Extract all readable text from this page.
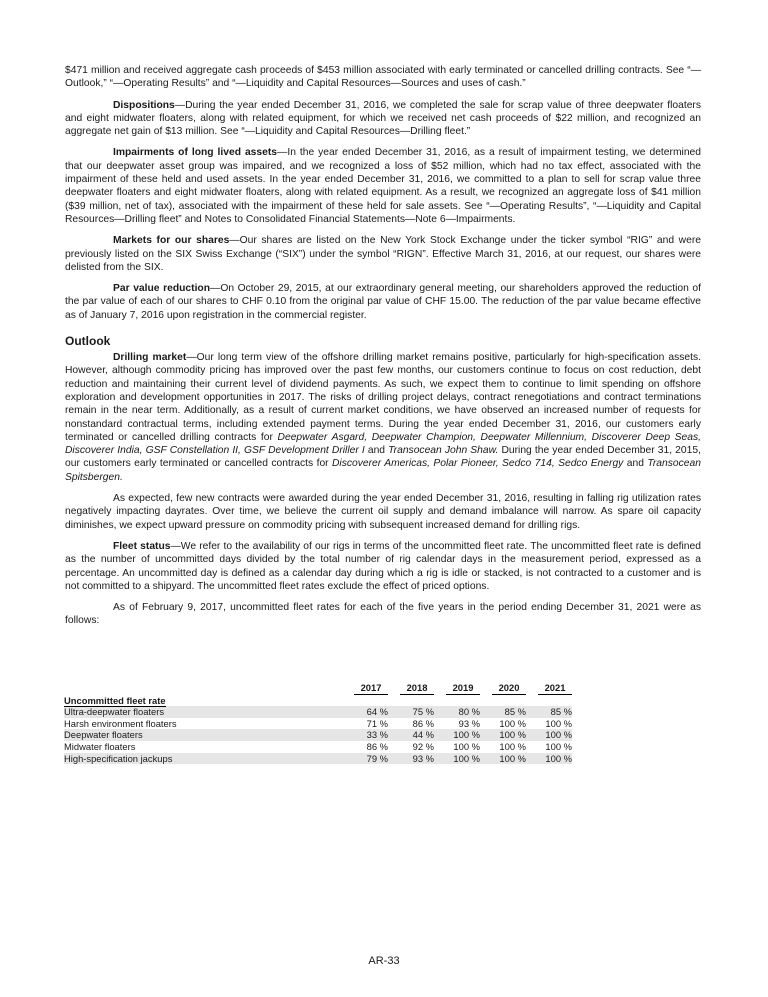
$471 million and received aggregate cash proceeds of $453 million associated with early terminated or cancelled drilling contracts. See “—Outlook,” “—Operating Results” and “—Liquidity and Capital Resources—Sources and uses of cash.”

Dispositions—During the year ended December 31, 2016, we completed the sale for scrap value of three deepwater floaters and eight midwater floaters, along with related equipment, for which we received net cash proceeds of $22 million, and recognized an aggregate net gain of $13 million. See “—Liquidity and Capital Resources—Drilling fleet.”

Impairments of long lived assets—In the year ended December 31, 2016, as a result of impairment testing, we determined that our deepwater asset group was impaired, and we recognized a loss of $52 million, which had no tax effect, associated with the impairment of these held and used assets. In the year ended December 31, 2016, we committed to a plan to sell for scrap value three deepwater floaters and eight midwater floaters, along with related equipment. As a result, we recognized an aggregate loss of $41 million ($39 million, net of tax), associated with the impairment of these held for sale assets. See “—Operating Results”, “—Liquidity and Capital Resources—Drilling fleet” and Notes to Consolidated Financial Statements—Note 6—Impairments.

Markets for our shares—Our shares are listed on the New York Stock Exchange under the ticker symbol “RIG” and were previously listed on the SIX Swiss Exchange (“SIX”) under the symbol “RIGN”. Effective March 31, 2016, at our request, our shares were delisted from the SIX.

Par value reduction—On October 29, 2015, at our extraordinary general meeting, our shareholders approved the reduction of the par value of each of our shares to CHF 0.10 from the original par value of CHF 15.00. The reduction of the par value became effective as of January 7, 2016 upon registration in the commercial register.

Outlook

Drilling market—Our long term view of the offshore drilling market remains positive, particularly for high-specification assets. However, although commodity pricing has improved over the past few months, our customers continue to focus on cost reduction, debt reduction and maintaining their current level of dividend payments. As such, we expect them to continue to limit spending on offshore exploration and development opportunities in 2017. The risks of drilling project delays, contract renegotiations and contract terminations remain in the near term. Additionally, as a result of current market conditions, we have observed an increased number of requests for nonstandard contractual terms, including extended payment terms. During the year ended December 31, 2016, our customers early terminated or cancelled drilling contracts for Deepwater Asgard, Deepwater Champion, Deepwater Millennium, Discoverer Deep Seas, Discoverer India, GSF Constellation II, GSF Development Driller I and Transocean John Shaw. During the year ended December 31, 2015, our customers early terminated or cancelled contracts for Discoverer Americas, Polar Pioneer, Sedco 714, Sedco Energy and Transocean Spitsbergen.

As expected, few new contracts were awarded during the year ended December 31, 2016, resulting in falling rig utilization rates negatively impacting dayrates. Over time, we believe the current oil supply and demand imbalance will narrow. As spare oil capacity diminishes, we expect upward pressure on commodity pricing with subsequent increased demand for drilling rigs.

Fleet status—We refer to the availability of our rigs in terms of the uncommitted fleet rate. The uncommitted fleet rate is defined as the number of uncommitted days divided by the total number of rig calendar days in the measurement period, expressed as a percentage. An uncommitted day is defined as a calendar day during which a rig is idle or stacked, is not contracted to a customer and is not committed to a shipyard. The uncommitted fleet rates exclude the effect of priced options.

As of February 9, 2017, uncommitted fleet rates for each of the five years in the period ending December 31, 2021 were as follows:

	2017	2018	2019	2020	2021
Uncommitted fleet rate					
Ultra-deepwater floaters	64 %	75 %	80 %	85 %	85 %
Harsh environment floaters	71 %	86 %	93 %	100 %	100 %
Deepwater floaters	33 %	44 %	100 %	100 %	100 %
Midwater floaters	86 %	92 %	100 %	100 %	100 %
High-specification jackups	79 %	93 %	100 %	100 %	100 %
AR-33
